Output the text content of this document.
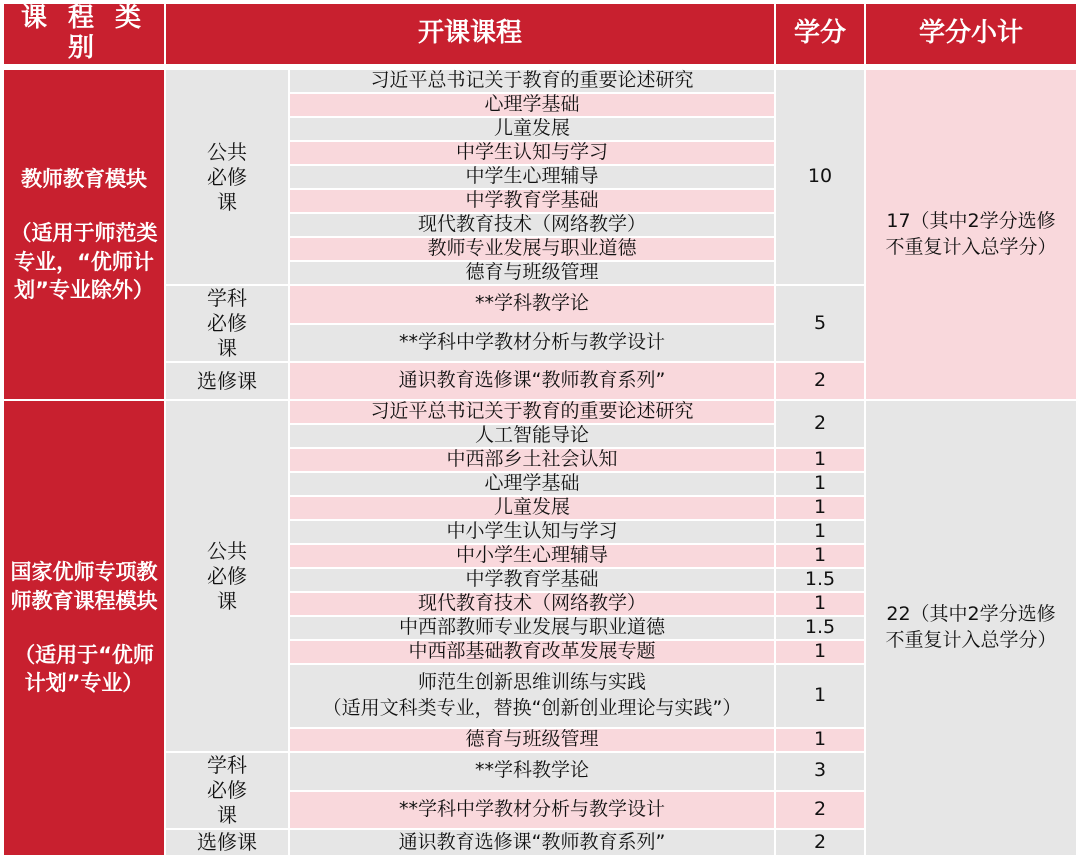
课 程 类 别	开课课程		学分	学分小计

教师教育模块
（适用于师范类专业，“优师计划”专业除外）	公共必修课	习近平总书记关于教育的重要论述研究	10	17（其中2学分选修不重复计入总学分）
		心理学基础		
		儿童发展		
		中学生认知与学习		
		中学生心理辅导		
		中学教育学基础		
		现代教育技术（网络教学）		
		教师专业发展与职业道德		
		德育与班级管理		
	学科必修课	**学科教学论	5	
		**学科中学教材分析与教学设计		
	选修课	通识教育选修课“教师教育系列”	2	
国家优师专项教师教育课程模块
（适用于“优师计划”专业）	公共必修课	习近平总书记关于教育的重要论述研究	2	22（其中2学分选修不重复计入总学分）
		人工智能导论		
		中西部乡土社会认知	1	
		心理学基础	1	
		儿童发展	1	
		中小学生认知与学习	1	
		中小学生心理辅导	1	
		中学教育学基础	1.5	
		现代教育技术（网络教学）	1	
		中西部教师专业发展与职业道德	1.5	
		中西部基础教育改革发展专题	1	
		师范生创新思维训练与实践
（适用文科类专业，替换“创新创业理论与实践”）	1	
		德育与班级管理	1	
	学科必修课	**学科教学论	3	
		**学科中学教材分析与教学设计	2	
	选修课	通识教育选修课“教师教育系列”	2	
